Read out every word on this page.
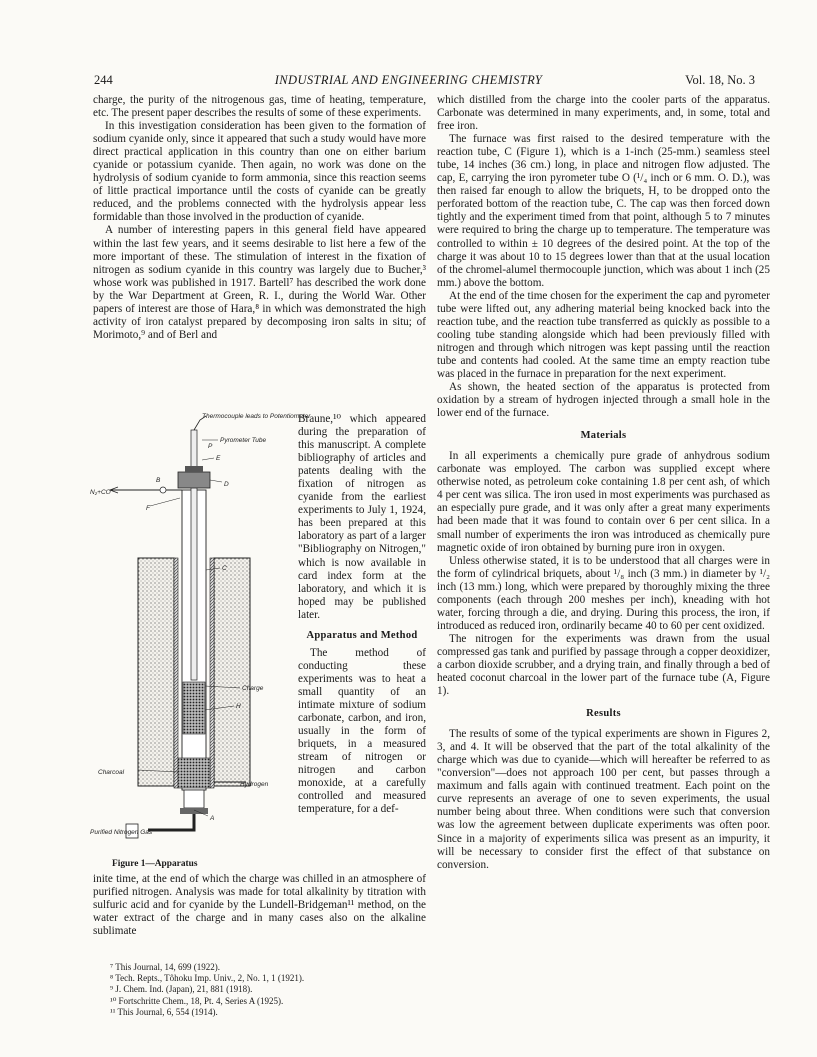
244	INDUSTRIAL AND ENGINEERING CHEMISTRY	Vol. 18, No. 3

charge, the purity of the nitrogenous gas, time of heating, temperature, etc. The present paper describes the results of some of these experiments.

In this investigation consideration has been given to the formation of sodium cyanide only, since it appeared that such a study would have more direct practical application in this country than one on either barium cyanide or potassium cyanide. Then again, no work was done on the hydrolysis of sodium cyanide to form ammonia, since this reaction seems of little practical importance until the costs of cyanide can be greatly reduced, and the problems connected with the hydrolysis appear less formidable than those involved in the production of cyanide.

A number of interesting papers in this general field have appeared within the last few years, and it seems desirable to list here a few of the more important of these. The stimulation of interest in the fixation of nitrogen as sodium cyanide in this country was largely due to Bucher,³ whose work was published in 1917. Bartell⁷ has described the work done by the War Department at Green, R. I., during the World War. Other papers of interest are those of Hara,⁸ in which was demonstrated the high activity of iron catalyst prepared by decomposing iron salts in situ; of Morimoto,⁹ and of Berl and

Thermocouple leads to Potentiometer
P
Pyrometer Tube
E
N₂+CO
B
D
F
C
Charge
H
Charcoal
Hydrogen
A
Purified Nitrogen Gas
Figure 1—Apparatus

Braune,¹⁰ which appeared during the preparation of this manuscript. A complete bibliography of articles and patents dealing with the fixation of nitrogen as cyanide from the earliest experiments to July 1, 1924, has been prepared at this laboratory as part of a larger "Bibliography on Nitrogen," which is now available in card index form at the laboratory, and which it is hoped may be published later.

Apparatus and Method

The method of conducting these experiments was to heat a small quantity of an intimate mixture of sodium carbonate, carbon, and iron, usually in the form of briquets, in a measured stream of nitrogen or nitrogen and carbon monoxide, at a carefully controlled and measured temperature, for a def-

inite time, at the end of which the charge was chilled in an atmosphere of purified nitrogen. Analysis was made for total alkalinity by titration with sulfuric acid and for cyanide by the Lundell-Bridgeman¹¹ method, on the water extract of the charge and in many cases also on the alkaline sublimate

⁷ This Journal, 14, 699 (1922).
⁸ Tech. Repts., Tôhoku Imp. Univ., 2, No. 1, 1 (1921).
⁹ J. Chem. Ind. (Japan), 21, 881 (1918).
¹⁰ Fortschritte Chem., 18, Pt. 4, Series A (1925).
¹¹ This Journal, 6, 554 (1914).

which distilled from the charge into the cooler parts of the apparatus. Carbonate was determined in many experiments, and, in some, total and free iron.

The furnace was first raised to the desired temperature with the reaction tube, C (Figure 1), which is a 1-inch (25-mm.) seamless steel tube, 14 inches (36 cm.) long, in place and nitrogen flow adjusted. The cap, E, carrying the iron pyrometer tube O (¹/₄ inch or 6 mm. O. D.), was then raised far enough to allow the briquets, H, to be dropped onto the perforated bottom of the reaction tube, C. The cap was then forced down tightly and the experiment timed from that point, although 5 to 7 minutes were required to bring the charge up to temperature. The temperature was controlled to within ± 10 degrees of the desired point. At the top of the charge it was about 10 to 15 degrees lower than that at the usual location of the chromel-alumel thermocouple junction, which was about 1 inch (25 mm.) above the bottom.

At the end of the time chosen for the experiment the cap and pyrometer tube were lifted out, any adhering material being knocked back into the reaction tube, and the reaction tube transferred as quickly as possible to a cooling tube standing alongside which had been previously filled with nitrogen and through which nitrogen was kept passing until the reaction tube and contents had cooled. At the same time an empty reaction tube was placed in the furnace in preparation for the next experiment.

As shown, the heated section of the apparatus is protected from oxidation by a stream of hydrogen injected through a small hole in the lower end of the furnace.

Materials

In all experiments a chemically pure grade of anhydrous sodium carbonate was employed. The carbon was supplied except where otherwise noted, as petroleum coke containing 1.8 per cent ash, of which 4 per cent was silica. The iron used in most experiments was purchased as an especially pure grade, and it was only after a great many experiments had been made that it was found to contain over 6 per cent silica. In a small number of experiments the iron was introduced as chemically pure magnetic oxide of iron obtained by burning pure iron in oxygen.

Unless otherwise stated, it is to be understood that all charges were in the form of cylindrical briquets, about ¹/₈ inch (3 mm.) in diameter by ¹/₂ inch (13 mm.) long, which were prepared by thoroughly mixing the three components (each through 200 meshes per inch), kneading with hot water, forcing through a die, and drying. During this process, the iron, if introduced as reduced iron, ordinarily became 40 to 60 per cent oxidized.

The nitrogen for the experiments was drawn from the usual compressed gas tank and purified by passage through a copper deoxidizer, a carbon dioxide scrubber, and a drying train, and finally through a bed of heated coconut charcoal in the lower part of the furnace tube (A, Figure 1).

Results

The results of some of the typical experiments are shown in Figures 2, 3, and 4. It will be observed that the part of the total alkalinity of the charge which was due to cyanide—which will hereafter be referred to as "conversion"—does not approach 100 per cent, but passes through a maximum and falls again with continued treatment. Each point on the curve represents an average of one to seven experiments, the usual number being about three. When conditions were such that conversion was low the agreement between duplicate experiments was often poor. Since in a majority of experiments silica was present as an impurity, it will be necessary to consider first the effect of that substance on conversion.
